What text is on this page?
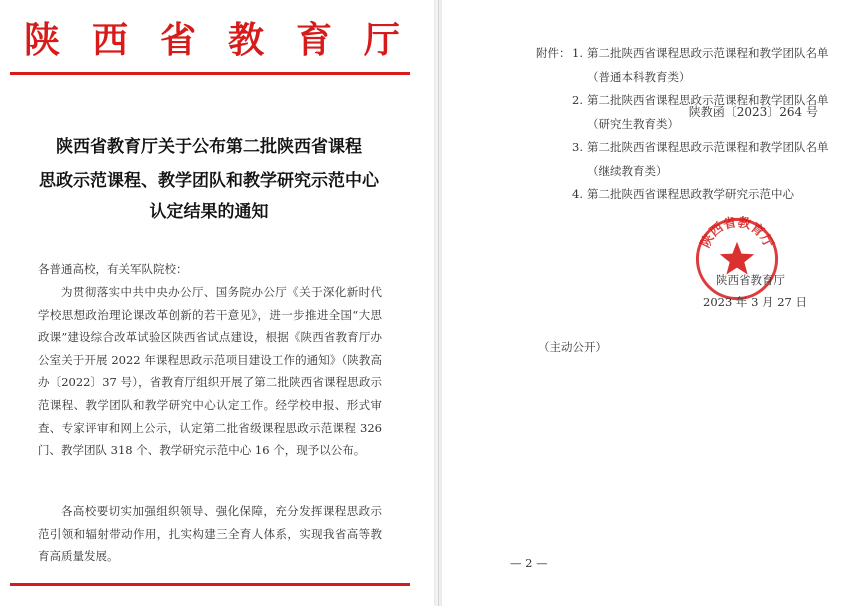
陕 西 省 教 育 厅
陕教函〔2023〕264 号
陕西省教育厅关于公布第二批陕西省课程
思政示范课程、教学团队和教学研究示范中心
认定结果的通知
各普通高校，有关军队院校：
为贯彻落实中共中央办公厅、国务院办公厅《关于深化新时代学校思想政治理论课改革创新的若干意见》，进一步推进全国“大思政课”建设综合改革试验区陕西省试点建设，根据《陕西省教育厅办公室关于开展 2022 年课程思政示范项目建设工作的通知》（陕教高办〔2022〕37 号），省教育厅组织开展了第二批陕西省课程思政示范课程、教学团队和教学研究中心认定工作。经学校申报、形式审查、专家评审和网上公示，认定第二批省级课程思政示范课程 326 门、教学团队 318 个、教学研究示范中心 16 个，现予以公布。
各高校要切实加强组织领导、强化保障，充分发挥课程思政示范引领和辐射带动作用，扎实构建三全育人体系，实现我省高等教育高质量发展。
附件： 1. 第二批陕西省课程思政示范课程和教学团队名单
（普通本科教育类）
2. 第二批陕西省课程思政示范课程和教学团队名单
（研究生教育类）
3. 第二批陕西省课程思政示范课程和教学团队名单
（继续教育类）
4. 第二批陕西省课程思政教学研究示范中心
陕西省教育厅
陕西省教育厅
2023 年 3 月 27 日
（主动公开）
— 2 —
